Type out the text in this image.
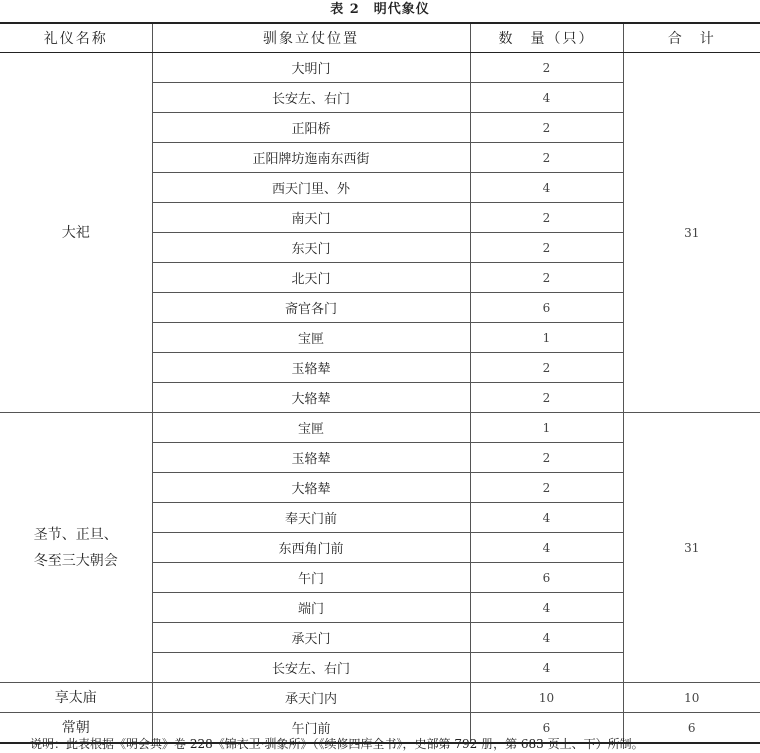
表 2　明代象仪
礼仪名称	驯象立仗位置	数　量（只）	合　计

大祀	大明门	2	31
	长安左、右门	4	
	正阳桥	2	
	正阳牌坊迤南东西街	2	
	西天门里、外	4	
	南天门	2	
	东天门	2	
	北天门	2	
	斋官各门	6	
	宝匣	1	
	玉辂辇	2	
	大辂辇	2	

圣节、正旦、
冬至三大朝会	宝匣	1	31
	玉辂辇	2	
	大辂辇	2	
	奉天门前	4	
	东西角门前	4	
	午门	6	
	端门	4	
	承天门	4	
	长安左、右门	4	

享太庙	承天门内	10	10

常朝	午门前	6	6
说明：此表根据《明会典》卷 228《锦衣卫·驯象所》（《续修四库全书》，史部第 792 册，第 683 页上、下）所制。
